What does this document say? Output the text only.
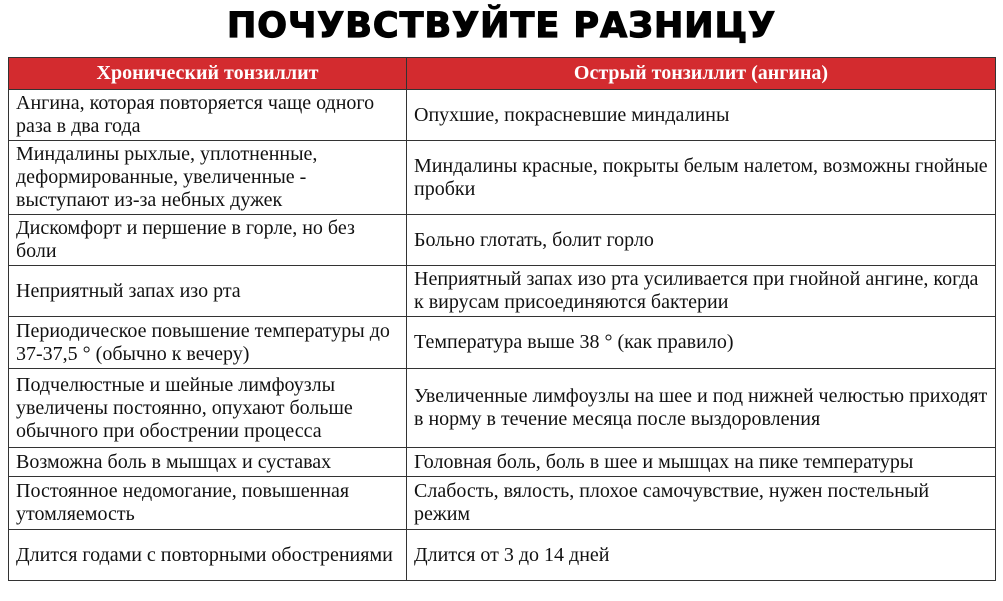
ПОЧУВСТВУЙТЕ РАЗНИЦУ
Хронический тонзиллит	Острый тонзиллит (ангина)
Ангина, которая повторяется чаще одного раза в два года	Опухшие, покрасневшие миндалины
Миндалины рыхлые, уплотненные, деформированные, увеличенные - выступают из-за небных дужек	Миндалины красные, покрыты белым налетом, возможны гнойные пробки
Дискомфорт и першение в горле, но без боли	Больно глотать, болит горло
Неприятный запах изо рта	Неприятный запах изо рта усиливается при гнойной ангине, когда к вирусам присоединяются бактерии
Периодическое повышение температуры до 37-37,5 ° (обычно к вечеру)	Температура выше 38 ° (как правило)
Подчелюстные и шейные лимфоузлы увеличены постоянно, опухают больше обычного при обострении процесса	Увеличенные лимфоузлы на шее и под нижней челюстью приходят в норму в течение месяца после выздоровления
Возможна боль в мышцах и суставах	Головная боль, боль в шее и мышцах на пике температуры
Постоянное недомогание, повышенная утомляемость	Слабость, вялость, плохое самочувствие, нужен постельный режим
Длится годами с повторными обострениями	Длится от 3 до 14 дней
